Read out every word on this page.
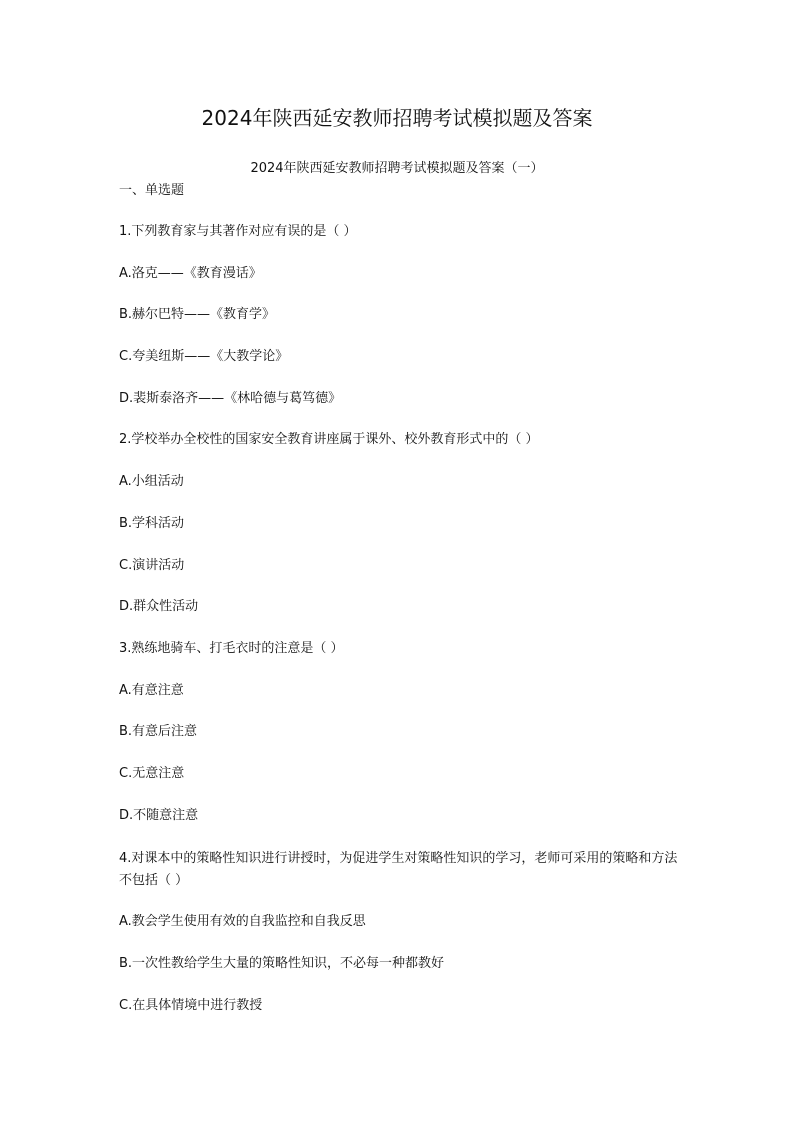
2024年陕西延安教师招聘考试模拟题及答案

2024年陕西延安教师招聘考试模拟题及答案（一）

一、单选题

1.下列教育家与其著作对应有误的是（ ）

A.洛克——《教育漫话》

B.赫尔巴特——《教育学》

C.夸美纽斯——《大教学论》

D.裴斯泰洛齐——《林哈德与葛笃德》

2.学校举办全校性的国家安全教育讲座属于课外、校外教育形式中的（ ）

A.小组活动

B.学科活动

C.演讲活动

D.群众性活动

3.熟练地骑车、打毛衣时的注意是（ ）

A.有意注意

B.有意后注意

C.无意注意

D.不随意注意

4.对课本中的策略性知识进行讲授时，为促进学生对策略性知识的学习，老师可采用的策略和方法不包括（ ）

A.教会学生使用有效的自我监控和自我反思

B.一次性教给学生大量的策略性知识，不必每一种都教好

C.在具体情境中进行教授
